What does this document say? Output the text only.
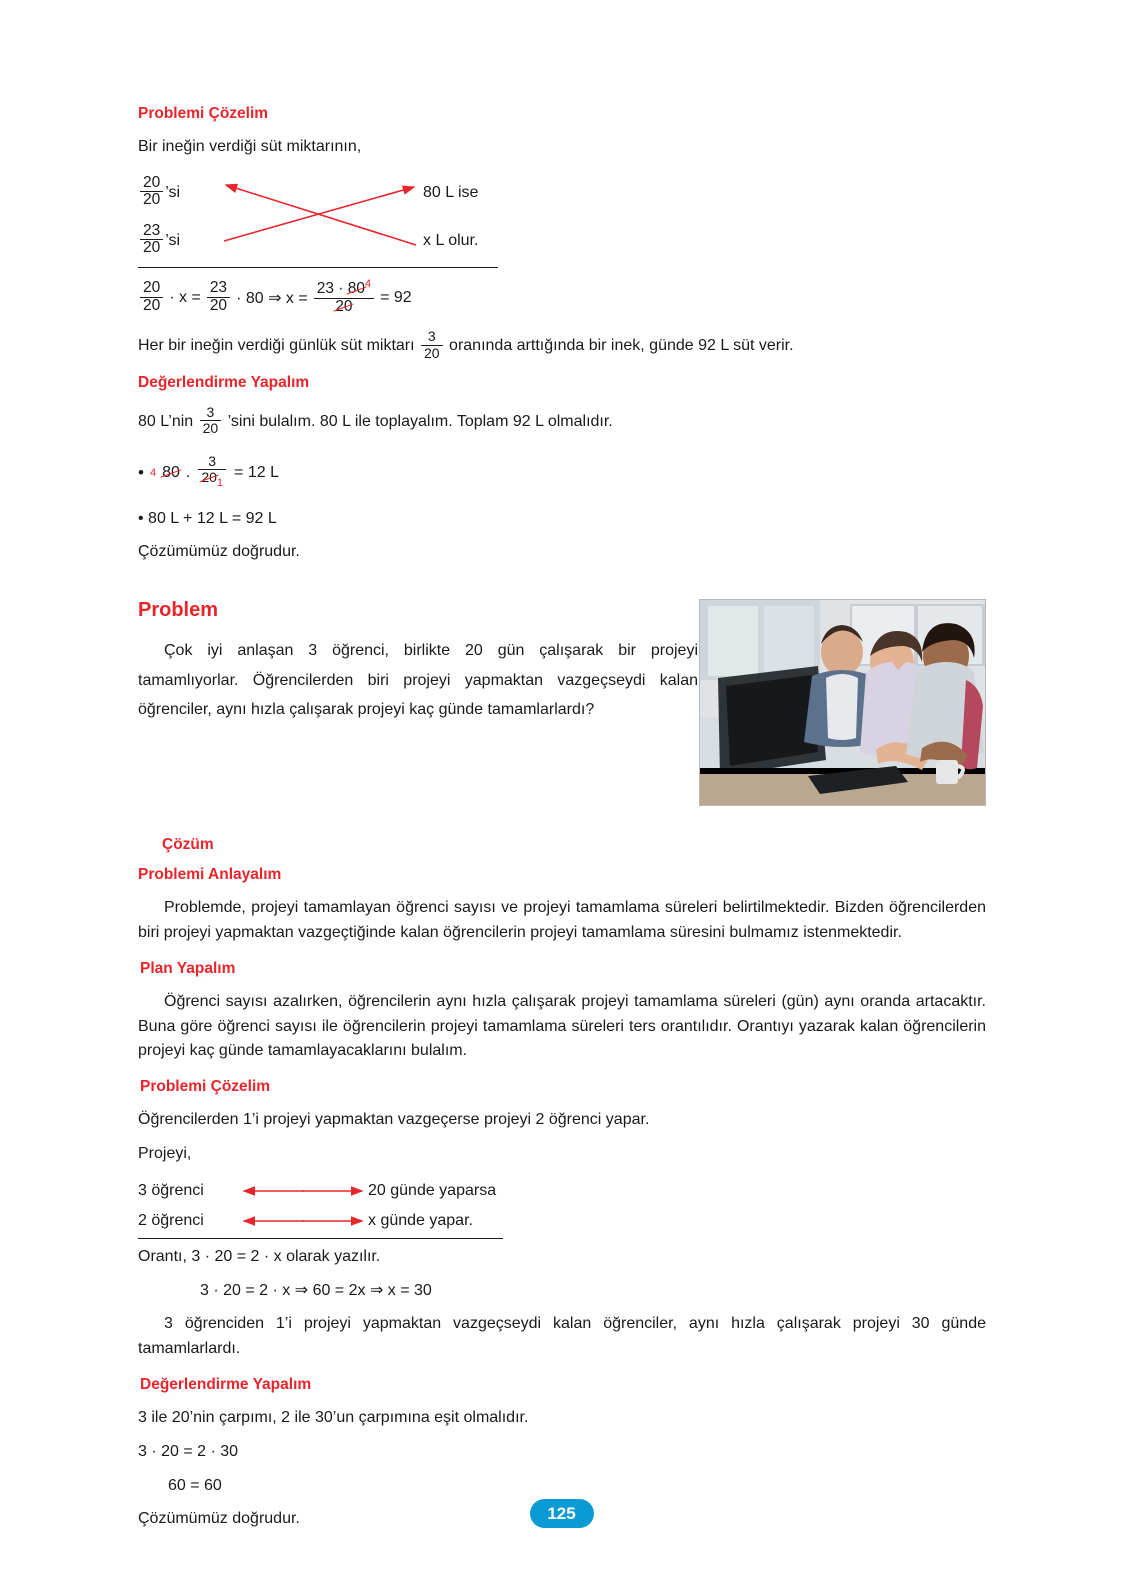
Problemi Çözelim

Bir ineğin verdiği süt miktarının,

$\frac{20}{20}$ ’si	80 L ise
$\frac{23}{20}$ ’si	x L olur.
$\frac{20}{20} \cdot x = \frac{23}{20} \cdot 80$ ⇒ $x = \frac{23 \cdot 80^4}{20} = 92$
Her bir ineğin verdiği günlük süt miktarı $\frac{3}{20}$ oranında arttığında bir inek, günde 92 L süt verir.
Değerlendirme Yapalım
80 L’nin $\frac{3}{20}$ ’sini bulalım. 80 L ile toplayalım. Toplam 92 L olmalıdır.
• 4 80 . $\frac{3}{20_1} = 12$ L

• 80 L + 12 L = 92 L

Çözümümüz doğrudur.

Problem

Çok iyi anlaşan 3 öğrenci, birlikte 20 gün çalışarak bir projeyi tamamlıyorlar. Öğrencilerden biri projeyi yapmaktan vazgeçseydi kalan öğrenciler, aynı hızla çalışarak projeyi kaç günde tamamlarlardı?

Çözüm
Problemi Anlayalım

Problemde, projeyi tamamlayan öğrenci sayısı ve projeyi tamamlama süreleri belirtilmektedir. Bizden öğrencilerden biri projeyi yapmaktan vazgeçtiğinde kalan öğrencilerin projeyi tamamlama süresini bulmamız istenmektedir.

Plan Yapalım

Öğrenci sayısı azalırken, öğrencilerin aynı hızla çalışarak projeyi tamamlama süreleri (gün) aynı oranda artacaktır. Buna göre öğrenci sayısı ile öğrencilerin projeyi tamamlama süreleri ters orantılıdır. Orantıyı yazarak kalan öğrencilerin projeyi kaç günde tamamlayacaklarını bulalım.

Problemi Çözelim

Öğrencilerden 1’i projeyi yapmaktan vazgeçerse projeyi 2 öğrenci yapar.

Projeyi,

3 öğrenci	20 günde yaparsa
2 öğrenci	x günde yapar.

Orantı, 3 · 20 = 2 · x olarak yazılır.

3 · 20 = 2 · x ⇒ 60 = 2x ⇒ x = 30

3 öğrenciden 1’i projeyi yapmaktan vazgeçseydi kalan öğrenciler, aynı hızla çalışarak projeyi 30 günde tamamlarlardı.

Değerlendirme Yapalım

3 ile 20’nin çarpımı, 2 ile 30’un çarpımına eşit olmalıdır.

3 · 20 = 2 · 30

60 = 60

Çözümümüz doğrudur.	125
